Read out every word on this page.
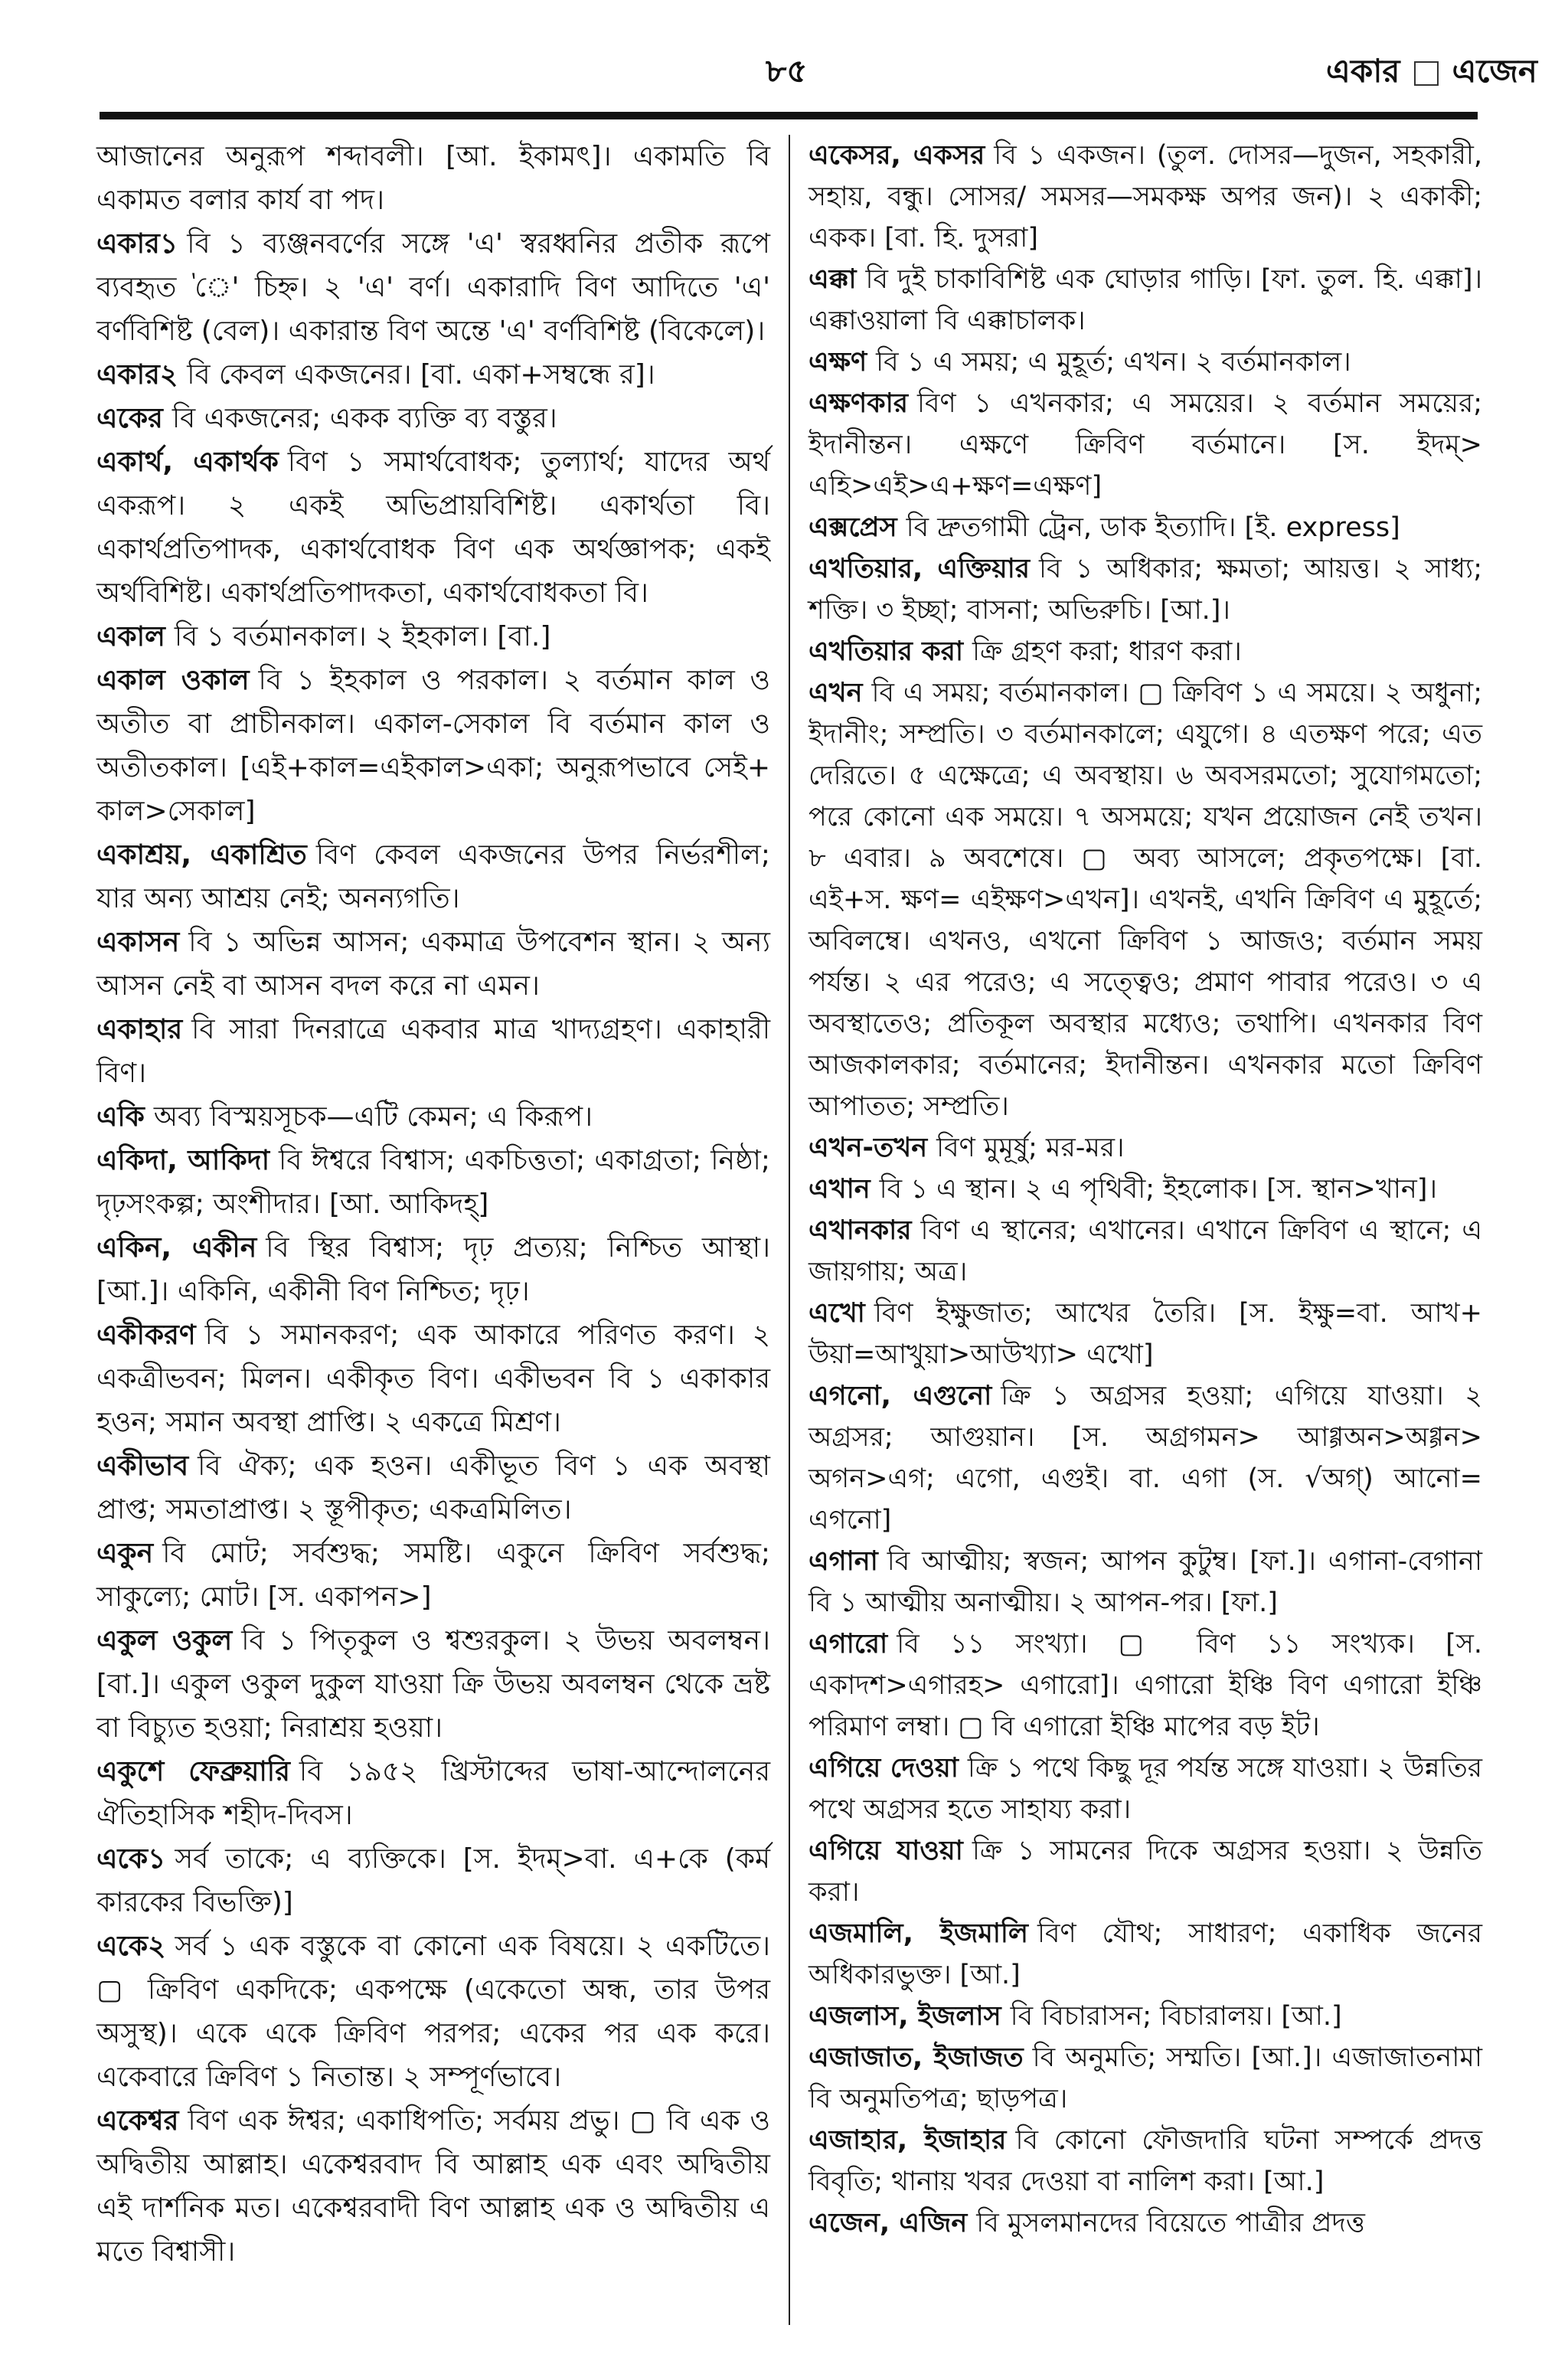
৮৫	একার এজেন

আজানের অনুরূপ শব্দাবলী। [আ. ইকামৎ]। একামতি বি একামত বলার কার্য বা পদ।

একার১ বি ১ ব্যঞ্জনবর্ণের সঙ্গে 'এ' স্বরধ্বনির প্রতীক রূপে ব্যবহৃত 'ে' চিহ্ন। ২ 'এ' বর্ণ। একারাদি বিণ আদিতে 'এ' বর্ণবিশিষ্ট (বেল)। একারান্ত বিণ অন্তে 'এ' বর্ণবিশিষ্ট (বিকেলে)।

একার২ বি কেবল একজনের। [বা. একা+সম্বন্ধে র]।

একের বি একজনের; একক ব্যক্তি ব্য বস্তুর।

একার্থ, একার্থক বিণ ১ সমার্থবোধক; তুল্যার্থ; যাদের অর্থ একরূপ। ২ একই অভিপ্রায়বিশিষ্ট। একার্থতা বি। একার্থপ্রতিপাদক, একার্থবোধক বিণ এক অর্থজ্ঞাপক; একই অর্থবিশিষ্ট। একার্থপ্রতিপাদকতা, একার্থবোধকতা বি।

একাল বি ১ বর্তমানকাল। ২ ইহকাল। [বা.]

একাল ওকাল বি ১ ইহকাল ও পরকাল। ২ বর্তমান কাল ও অতীত বা প্রাচীনকাল। একাল-সেকাল বি বর্তমান কাল ও অতীতকাল। [এই+কাল=এইকাল>একা; অনুরূপভাবে সেই+ কাল>সেকাল]

একাশ্রয়, একাশ্রিত বিণ কেবল একজনের উপর নির্ভরশীল; যার অন্য আশ্রয় নেই; অনন্যগতি।

একাসন বি ১ অভিন্ন আসন; একমাত্র উপবেশন স্থান। ২ অন্য আসন নেই বা আসন বদল করে না এমন।

একাহার বি সারা দিনরাত্রে একবার মাত্র খাদ্যগ্রহণ। একাহারী বিণ।

একি অব্য বিস্ময়সূচক—এটি কেমন; এ কিরূপ।

একিদা, আকিদা বি ঈশ্বরে বিশ্বাস; একচিত্ততা; একাগ্রতা; নিষ্ঠা; দৃঢ়সংকল্প; অংশীদার। [আ. আকিদহ্]

একিন, একীন বি স্থির বিশ্বাস; দৃঢ় প্রত্যয়; নিশ্চিত আস্থা। [আ.]। একিনি, একীনী বিণ নিশ্চিত; দৃঢ়।

একীকরণ বি ১ সমানকরণ; এক আকারে পরিণত করণ। ২ একত্রীভবন; মিলন। একীকৃত বিণ। একীভবন বি ১ একাকার হওন; সমান অবস্থা প্রাপ্তি। ২ একত্রে মিশ্রণ।

একীভাব বি ঐক্য; এক হওন। একীভূত বিণ ১ এক অবস্থা প্রাপ্ত; সমতাপ্রাপ্ত। ২ স্তূপীকৃত; একত্রমিলিত।

একুন বি মোট; সর্বশুদ্ধ; সমষ্টি। একুনে ক্রিবিণ সর্বশুদ্ধ; সাকুল্যে; মোট। [স. একাপন>]

একুল ওকুল বি ১ পিতৃকুল ও শ্বশুরকুল। ২ উভয় অবলম্বন। [বা.]। একুল ওকুল দুকুল যাওয়া ক্রি উভয় অবলম্বন থেকে ভ্রষ্ট বা বিচ্যুত হওয়া; নিরাশ্রয় হওয়া।

একুশে ফেব্রুয়ারি বি ১৯৫২ খ্রিস্টাব্দের ভাষা-আন্দোলনের ঐতিহাসিক শহীদ-দিবস।

একে১ সর্ব তাকে; এ ব্যক্তিকে। [স. ইদম্>বা. এ+কে (কর্ম কারকের বিভক্তি)]

একে২ সর্ব ১ এক বস্তুকে বা কোনো এক বিষয়ে। ২ একটিতে। ▢ ক্রিবিণ একদিকে; একপক্ষে (একেতো অন্ধ, তার উপর অসুস্থ)। একে একে ক্রিবিণ পরপর; একের পর এক করে। একেবারে ক্রিবিণ ১ নিতান্ত। ২ সম্পূর্ণভাবে।

একেশ্বর বিণ এক ঈশ্বর; একাধিপতি; সর্বময় প্রভু। ▢ বি এক ও অদ্বিতীয় আল্লাহ। একেশ্বরবাদ বি আল্লাহ এক এবং অদ্বিতীয় এই দার্শনিক মত। একেশ্বরবাদী বিণ আল্লাহ এক ও অদ্বিতীয় এ মতে বিশ্বাসী।

একেসর, একসর বি ১ একজন। (তুল. দোসর—দুজন, সহকারী, সহায়, বন্ধু। সোসর/ সমসর—সমকক্ষ অপর জন)। ২ একাকী; একক। [বা. হি. দুসরা]

এক্কা বি দুই চাকাবিশিষ্ট এক ঘোড়ার গাড়ি। [ফা. তুল. হি. এক্কা]। এক্কাওয়ালা বি এক্কাচালক।

এক্ষণ বি ১ এ সময়; এ মুহূর্ত; এখন। ২ বর্তমানকাল।

এক্ষণকার বিণ ১ এখনকার; এ সময়ের। ২ বর্তমান সময়ের; ইদানীন্তন। এক্ষণে ক্রিবিণ বর্তমানে। [স. ইদম্> এহি>এই>এ+ক্ষণ=এক্ষণ]

এক্সপ্রেস বি দ্রুতগামী ট্রেন, ডাক ইত্যাদি। [ই. express]

এখতিয়ার, এক্তিয়ার বি ১ অধিকার; ক্ষমতা; আয়ত্ত। ২ সাধ্য; শক্তি। ৩ ইচ্ছা; বাসনা; অভিরুচি। [আ.]।

এখতিয়ার করা ক্রি গ্রহণ করা; ধারণ করা।

এখন বি এ সময়; বর্তমানকাল। ▢ ক্রিবিণ ১ এ সময়ে। ২ অধুনা; ইদানীং; সম্প্রতি। ৩ বর্তমানকালে; এযুগে। ৪ এতক্ষণ পরে; এত দেরিতে। ৫ এক্ষেত্রে; এ অবস্থায়। ৬ অবসরমতো; সুযোগমতো; পরে কোনো এক সময়ে। ৭ অসময়ে; যখন প্রয়োজন নেই তখন। ৮ এবার। ৯ অবশেষে। ▢ অব্য আসলে; প্রকৃতপক্ষে। [বা. এই+স. ক্ষণ= এইক্ষণ>এখন]। এখনই, এখনি ক্রিবিণ এ মুহূর্তে; অবিলম্বে। এখনও, এখনো ক্রিবিণ ১ আজও; বর্তমান সময় পর্যন্ত। ২ এর পরেও; এ সত্ত্বেও; প্রমাণ পাবার পরেও। ৩ এ অবস্থাতেও; প্রতিকূল অবস্থার মধ্যেও; তথাপি। এখনকার বিণ আজকালকার; বর্তমানের; ইদানীন্তন। এখনকার মতো ক্রিবিণ আপাতত; সম্প্রতি।

এখন-তখন বিণ মুমূর্ষু; মর-মর।

এখান বি ১ এ স্থান। ২ এ পৃথিবী; ইহলোক। [স. স্থান>খান]।

এখানকার বিণ এ স্থানের; এখানের। এখানে ক্রিবিণ এ স্থানে; এ জায়গায়; অত্র।

এখো বিণ ইক্ষুজাত; আখের তৈরি। [স. ইক্ষু=বা. আখ+ উয়া=আখুয়া>আউখ্যা> এখো]

এগনো, এগুনো ক্রি ১ অগ্রসর হওয়া; এগিয়ে যাওয়া। ২ অগ্রসর; আগুয়ান। [স. অগ্রগমন> আগ্গঅন>অগ্গন> অগন>এগ; এগো, এগুই। বা. এগা (স. √অগ্) আনো= এগনো]

এগানা বি আত্মীয়; স্বজন; আপন কুটুম্ব। [ফা.]। এগানা-বেগানা বি ১ আত্মীয় অনাত্মীয়। ২ আপন-পর। [ফা.]

এগারো বি ১১ সংখ্যা। ▢ বিণ ১১ সংখ্যক। [স. একাদশ>এগারহ> এগারো]। এগারো ইঞ্চি বিণ এগারো ইঞ্চি পরিমাণ লম্বা। ▢ বি এগারো ইঞ্চি মাপের বড় ইট।

এগিয়ে দেওয়া ক্রি ১ পথে কিছু দূর পর্যন্ত সঙ্গে যাওয়া। ২ উন্নতির পথে অগ্রসর হতে সাহায্য করা।

এগিয়ে যাওয়া ক্রি ১ সামনের দিকে অগ্রসর হওয়া। ২ উন্নতি করা।

এজমালি, ইজমালি বিণ যৌথ; সাধারণ; একাধিক জনের অধিকারভুক্ত। [আ.]

এজলাস, ইজলাস বি বিচারাসন; বিচারালয়। [আ.]

এজাজাত, ইজাজত বি অনুমতি; সম্মতি। [আ.]। এজাজাতনামা বি অনুমতিপত্র; ছাড়পত্র।

এজাহার, ইজাহার বি কোনো ফৌজদারি ঘটনা সম্পর্কে প্রদত্ত বিবৃতি; থানায় খবর দেওয়া বা নালিশ করা। [আ.]

এজেন, এজিন বি মুসলমানদের বিয়েতে পাত্রীর প্রদত্ত
